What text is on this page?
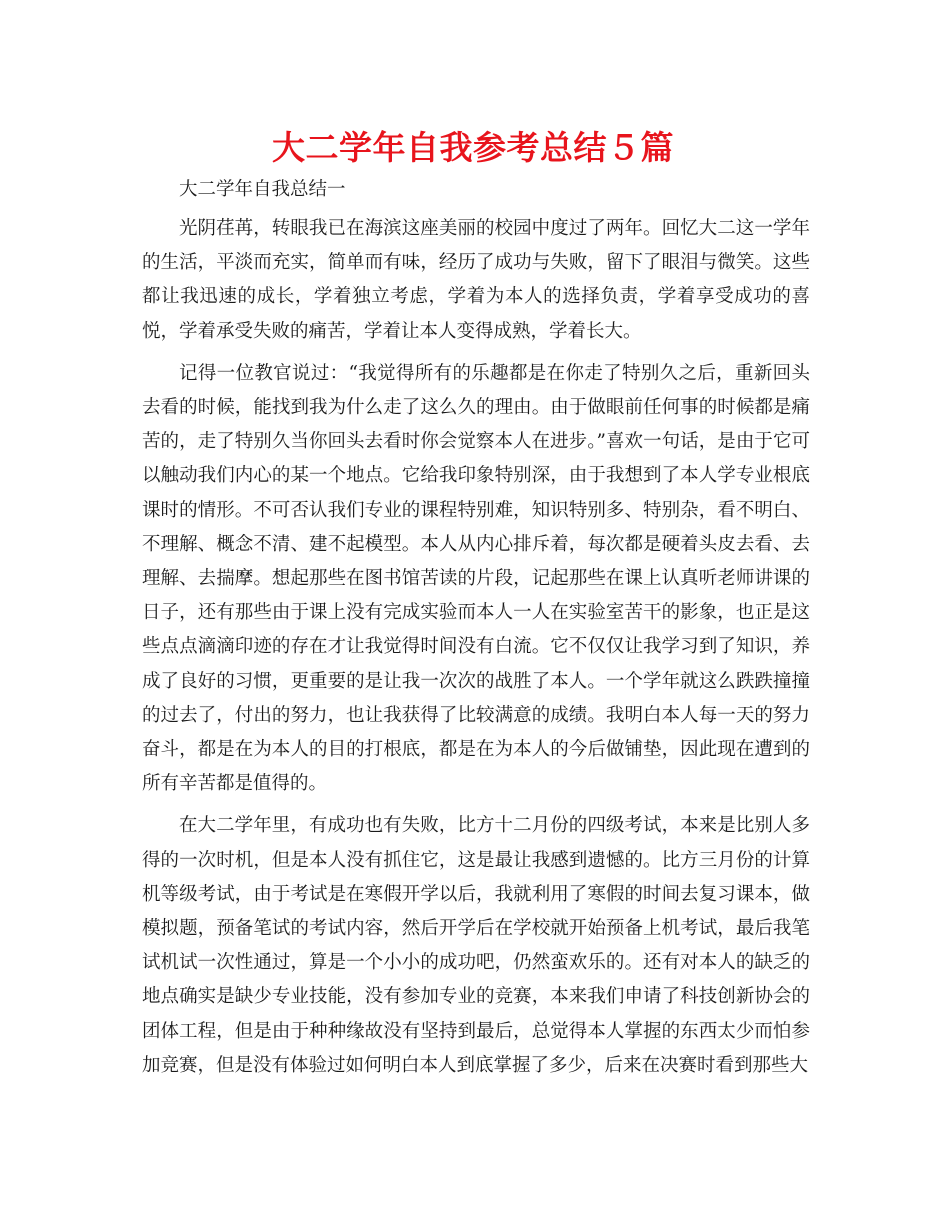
大二学年自我参考总结５篇

大二学年自我总结一

光阴荏苒，转眼我已在海滨这座美丽的校园中度过了两年。回忆大二这一学年的生活，平淡而充实，简单而有味，经历了成功与失败，留下了眼泪与微笑。这些都让我迅速的成长，学着独立考虑，学着为本人的选择负责，学着享受成功的喜悦，学着承受失败的痛苦，学着让本人变得成熟，学着长大。

记得一位教官说过：“我觉得所有的乐趣都是在你走了特别久之后，重新回头去看的时候，能找到我为什么走了这么久的理由。由于做眼前任何事的时候都是痛苦的，走了特别久当你回头去看时你会觉察本人在进步。”喜欢一句话，是由于它可以触动我们内心的某一个地点。它给我印象特别深，由于我想到了本人学专业根底课时的情形。不可否认我们专业的课程特别难，知识特别多、特别杂，看不明白、不理解、概念不清、建不起模型。本人从内心排斥着，每次都是硬着头皮去看、去理解、去揣摩。想起那些在图书馆苦读的片段，记起那些在课上认真听老师讲课的日子，还有那些由于课上没有完成实验而本人一人在实验室苦干的影象，也正是这些点点滴滴印迹的存在才让我觉得时间没有白流。它不仅仅让我学习到了知识，养成了良好的习惯，更重要的是让我一次次的战胜了本人。一个学年就这么跌跌撞撞的过去了，付出的努力，也让我获得了比较满意的成绩。我明白本人每一天的努力奋斗，都是在为本人的目的打根底，都是在为本人的今后做铺垫，因此现在遭到的所有辛苦都是值得的。

在大二学年里，有成功也有失败，比方十二月份的四级考试，本来是比别人多得的一次时机，但是本人没有抓住它，这是最让我感到遗憾的。比方三月份的计算机等级考试，由于考试是在寒假开学以后，我就利用了寒假的时间去复习课本，做模拟题，预备笔试的考试内容，然后开学后在学校就开始预备上机考试，最后我笔试机试一次性通过，算是一个小小的成功吧，仍然蛮欢乐的。还有对本人的缺乏的地点确实是缺少专业技能，没有参加专业的竞赛，本来我们申请了科技创新协会的团体工程，但是由于种种缘故没有坚持到最后，总觉得本人掌握的东西太少而怕参加竞赛，但是没有体验过如何明白本人到底掌握了多少，后来在决赛时看到那些大
